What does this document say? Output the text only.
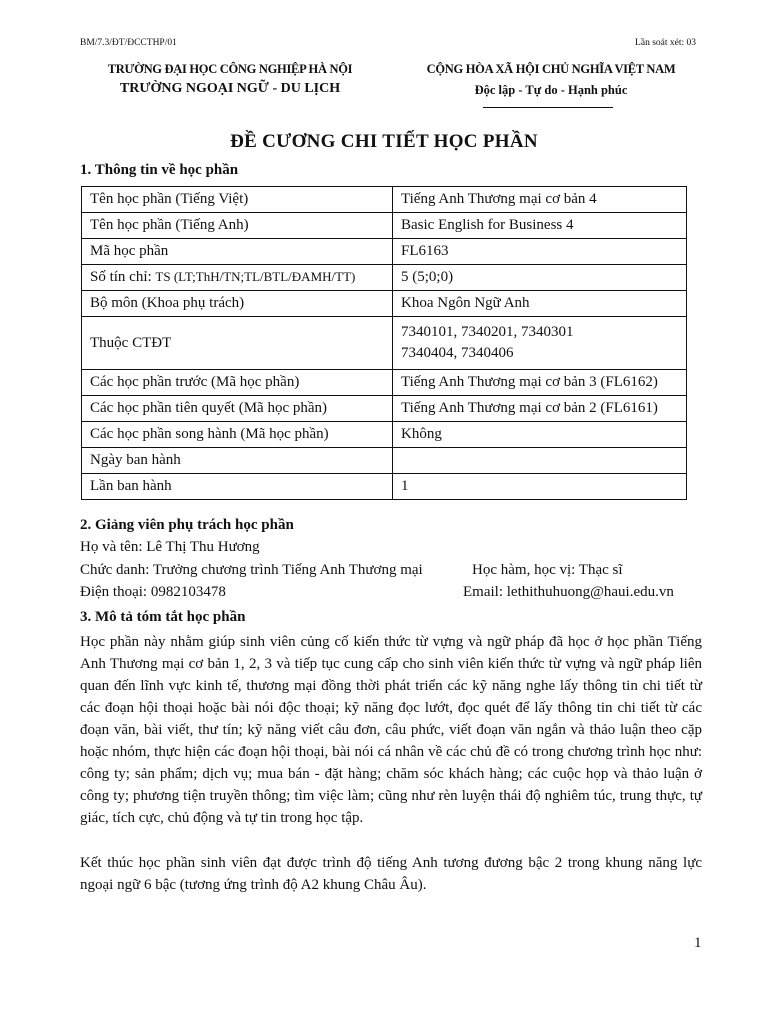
BM/7.3/ĐT/ĐCCTHP/01	Lần soát xét: 03
TRƯỜNG ĐẠI HỌC CÔNG NGHIỆP HÀ NỘI
TRƯỜNG NGOẠI NGỮ - DU LỊCH
CỘNG HÒA XÃ HỘI CHỦ NGHĨA VIỆT NAM
Độc lập - Tự do - Hạnh phúc
ĐỀ CƯƠNG CHI TIẾT HỌC PHẦN
1. Thông tin về học phần
Tên học phần (Tiếng Việt)	Tiếng Anh Thương mại cơ bản 4
Tên học phần (Tiếng Anh)	Basic English for Business 4
Mã học phần	FL6163
Số tín chỉ: TS (LT;ThH/TN;TL/BTL/ĐAMH/TT)	5 (5;0;0)
Bộ môn (Khoa phụ trách)	Khoa Ngôn Ngữ Anh
Thuộc CTĐT	7340101, 7340201, 7340301
7340404, 7340406

Các học phần trước (Mã học phần)	Tiếng Anh Thương mại cơ bản 3 (FL6162)
Các học phần tiên quyết (Mã học phần)	Tiếng Anh Thương mại cơ bản 2 (FL6161)
Các học phần song hành (Mã học phần)	Không
Ngày ban hành	
Lần ban hành	1
2. Giảng viên phụ trách học phần
Họ và tên: Lê Thị Thu Hương
Chức danh: Trưởng chương trình Tiếng Anh Thương mại	Học hàm, học vị: Thạc sĩ
Điện thoại: 0982103478	Email: lethithuhuong@haui.edu.vn
3. Mô tả tóm tắt học phần
Học phần này nhằm giúp sinh viên củng cố kiến thức từ vựng và ngữ pháp đã học ở học phần Tiếng Anh Thương mại cơ bản 1, 2, 3 và tiếp tục cung cấp cho sinh viên kiến thức từ vựng và ngữ pháp liên quan đến lĩnh vực kinh tế, thương mại đồng thời phát triển các kỹ năng nghe lấy thông tin chi tiết từ các đoạn hội thoại hoặc bài nói độc thoại; kỹ năng đọc lướt, đọc quét để lấy thông tin chi tiết từ các đoạn văn, bài viết, thư tín; kỹ năng viết câu đơn, câu phức, viết đoạn văn ngắn và thảo luận theo cặp hoặc nhóm, thực hiện các đoạn hội thoại, bài nói cá nhân về các chủ đề có trong chương trình học như: công ty; sản phẩm; dịch vụ; mua bán - đặt hàng; chăm sóc khách hàng; các cuộc họp và thảo luận ở công ty; phương tiện truyền thông; tìm việc làm; cũng như rèn luyện thái độ nghiêm túc, trung thực, tự giác, tích cực, chủ động và tự tin trong học tập.
Kết thúc học phần sinh viên đạt được trình độ tiếng Anh tương đương bậc 2 trong khung năng lực ngoại ngữ 6 bậc (tương ứng trình độ A2 khung Châu Âu).
1
